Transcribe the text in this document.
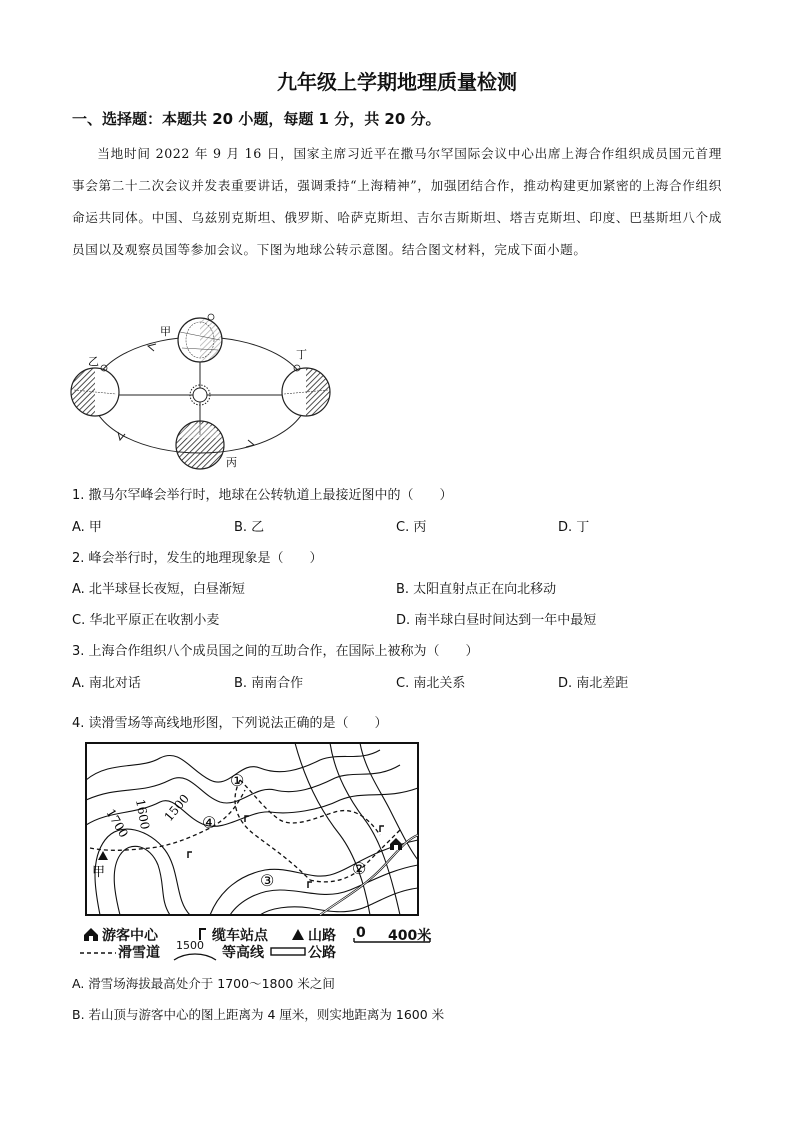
九年级上学期地理质量检测
一、选择题：本题共 20 小题，每题 1 分，共 20 分。
当地时间 2022 年 9 月 16 日，国家主席习近平在撒马尔罕国际会议中心出席上海合作组织成员国元首理事会第二十二次会议并发表重要讲话，强调秉持“上海精神”，加强团结合作，推动构建更加紧密的上海合作组织命运共同体。中国、乌兹别克斯坦、俄罗斯、哈萨克斯坦、吉尔吉斯斯坦、塔吉克斯坦、印度、巴基斯坦八个成员国以及观察员国等参加会议。下图为地球公转示意图。结合图文材料，完成下面小题。
甲
乙
丙
丁
1. 撒马尔罕峰会举行时，地球在公转轨道上最接近图中的（　　）
A. 甲	B. 乙	C. 丙	D. 丁
2. 峰会举行时，发生的地理现象是（　　）
A. 北半球昼长夜短，白昼渐短	B. 太阳直射点正在向北移动
C. 华北平原正在收割小麦	D. 南半球白昼时间达到一年中最短
3. 上海合作组织八个成员国之间的互助合作，在国际上被称为（　　）
A. 南北对话	B. 南南合作	C. 南北关系	D. 南北差距
4. 读滑雪场等高线地形图，下列说法正确的是（　　）
①
②
③
④
1700 1600 1500
甲
游客中心	缆车站点	山路 0 400米
滑雪道 1500 等高线	公路
A. 滑雪场海拔最高处介于 1700～1800 米之间
B. 若山顶与游客中心的图上距离为 4 厘米，则实地距离为 1600 米
